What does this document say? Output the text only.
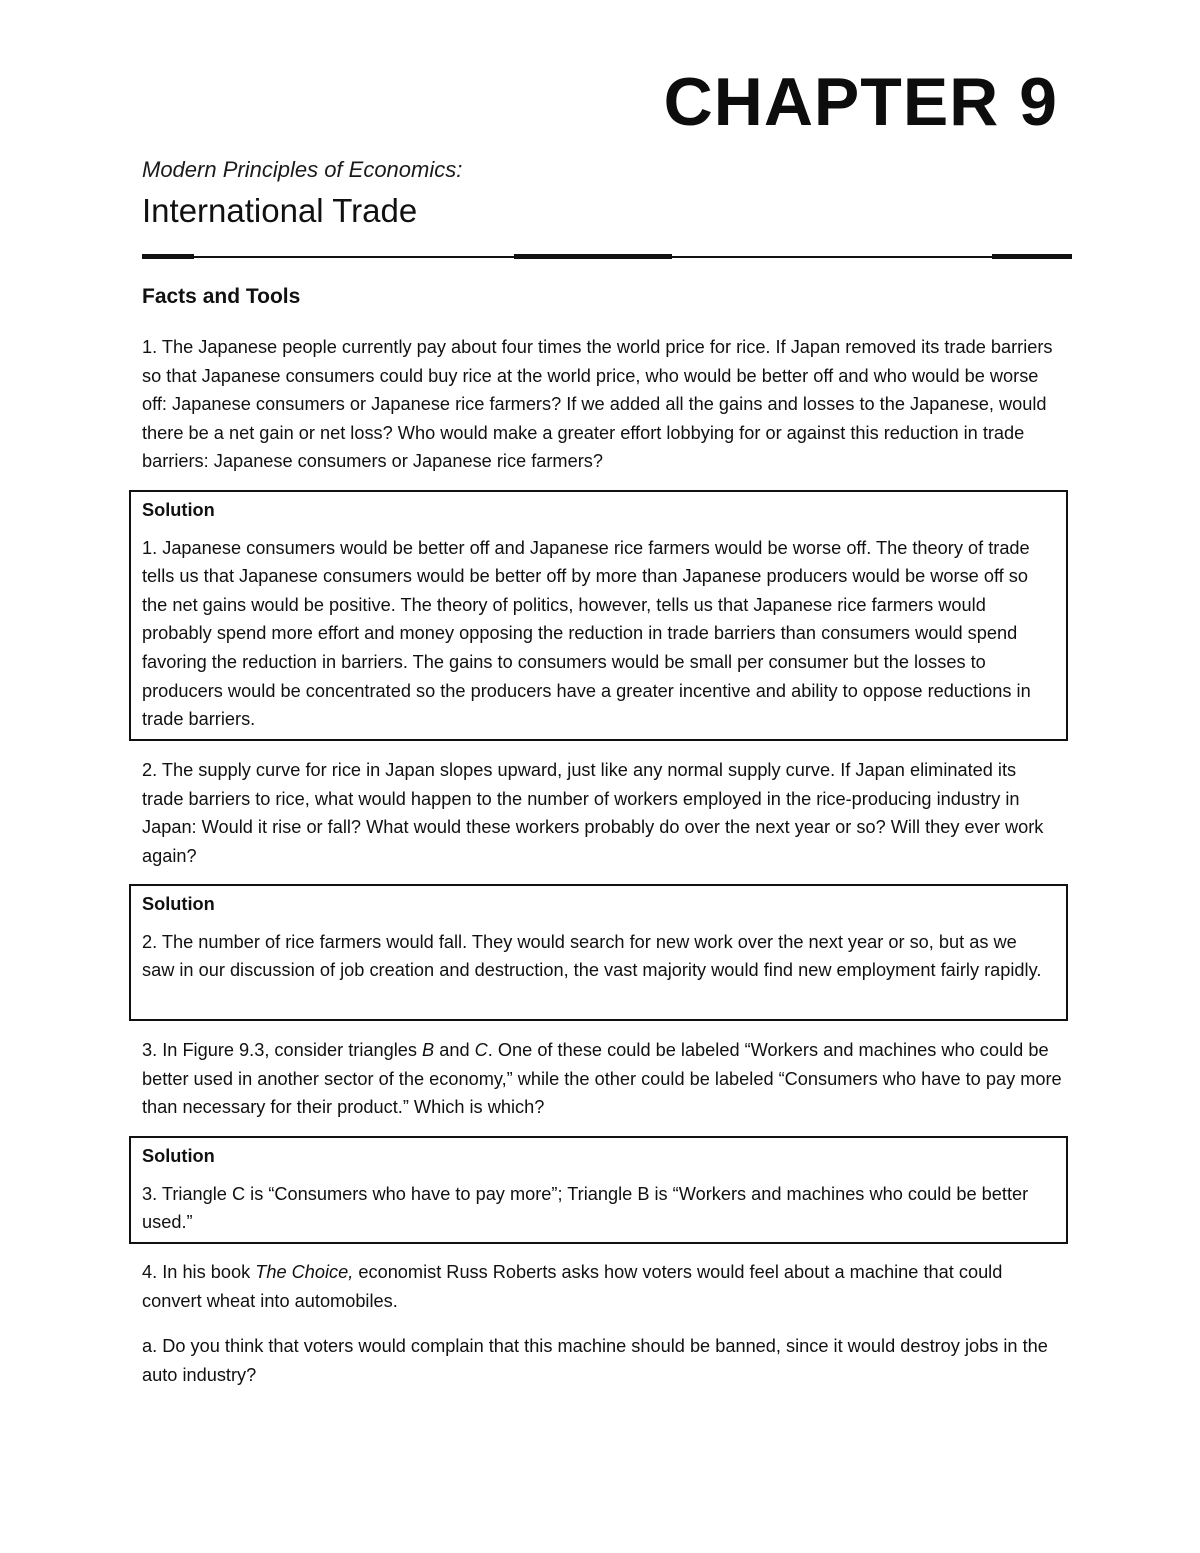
CHAPTER 9
Modern Principles of Economics:
International Trade
Facts and Tools

1. The Japanese people currently pay about four times the world price for rice. If Japan removed its trade barriers so that Japanese consumers could buy rice at the world price, who would be better off and who would be worse off: Japanese consumers or Japanese rice farmers? If we added all the gains and losses to the Japanese, would there be a net gain or net loss? Who would make a greater effort lobbying for or against this reduction in trade barriers: Japanese consumers or Japanese rice farmers?

Solution

1. Japanese consumers would be better off and Japanese rice farmers would be worse off. The theory of trade tells us that Japanese consumers would be better off by more than Japanese producers would be worse off so the net gains would be positive. The theory of politics, however, tells us that Japanese rice farmers would probably spend more effort and money opposing the reduction in trade barriers than consumers would spend favoring the reduction in barriers. The gains to consumers would be small per consumer but the losses to producers would be concentrated so the producers have a greater incentive and ability to oppose reductions in trade barriers.

2. The supply curve for rice in Japan slopes upward, just like any normal supply curve. If Japan eliminated its trade barriers to rice, what would happen to the number of workers employed in the rice-producing industry in Japan: Would it rise or fall? What would these workers probably do over the next year or so? Will they ever work again?

Solution

2. The number of rice farmers would fall. They would search for new work over the next year or so, but as we saw in our discussion of job creation and destruction, the vast majority would find new employment fairly rapidly.

3. In Figure 9.3, consider triangles B and C. One of these could be labeled “Workers and machines who could be better used in another sector of the economy,” while the other could be labeled “Consumers who have to pay more than necessary for their product.” Which is which?

Solution

3. Triangle C is “Consumers who have to pay more”; Triangle B is “Workers and machines who could be better used.”

4. In his book The Choice, economist Russ Roberts asks how voters would feel about a machine that could convert wheat into automobiles.

a. Do you think that voters would complain that this machine should be banned, since it would destroy jobs in the auto industry?
